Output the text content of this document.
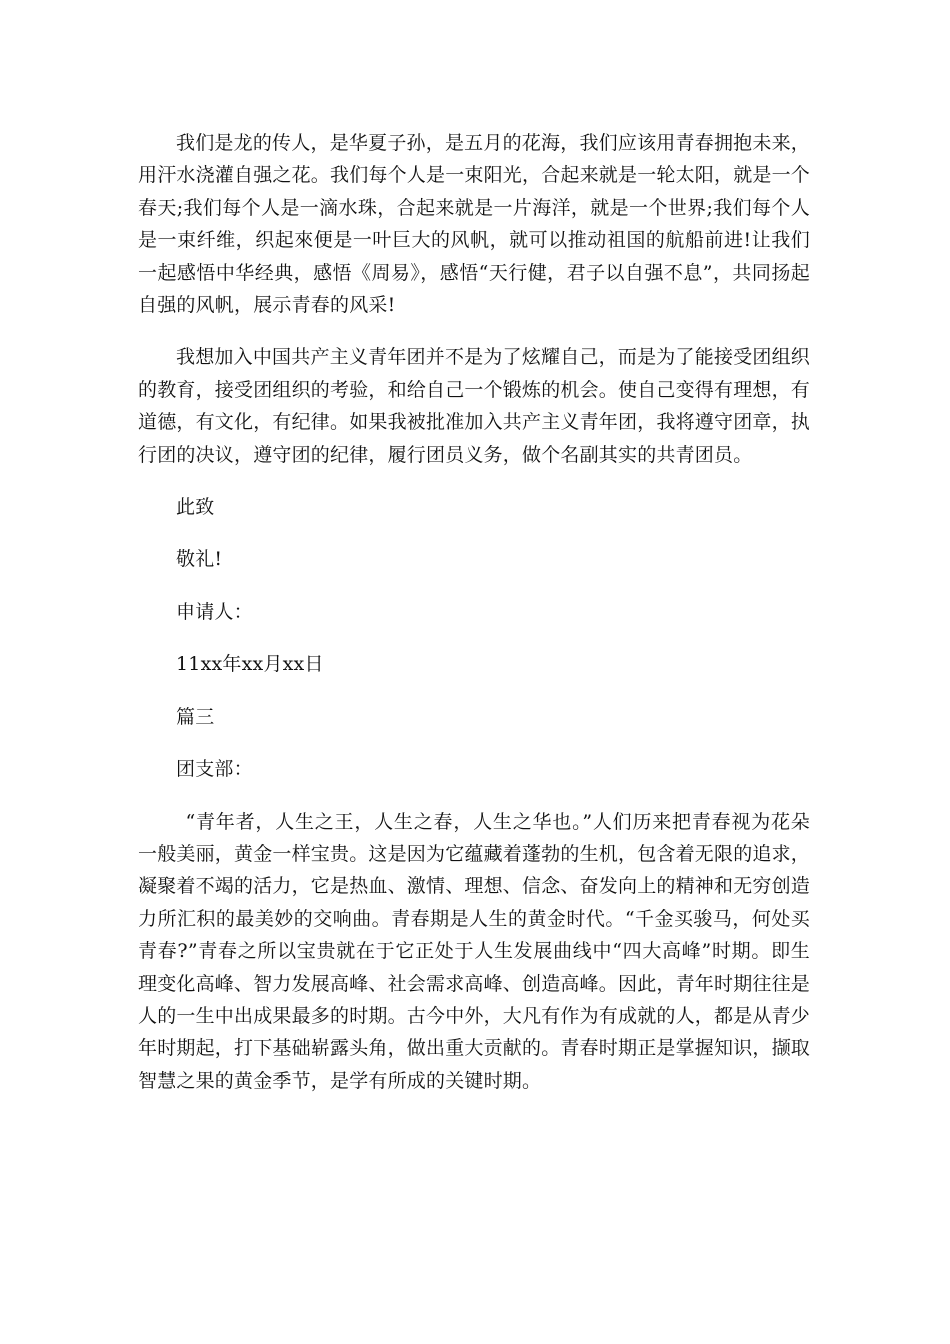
我们是龙的传人，是华夏子孙，是五月的花海，我们应该用青春拥抱未来，用汗水浇灌自强之花。我们每个人是一束阳光，合起来就是一轮太阳，就是一个春天;我们每个人是一滴水珠，合起来就是一片海洋，就是一个世界;我们每个人是一束纤维，织起來便是一叶巨大的风帆，就可以推动祖国的航船前进!让我们一起感悟中华经典，感悟《周易》，感悟“天行健，君子以自强不息”，共同扬起自强的风帆，展示青春的风采!

我想加入中国共产主义青年团并不是为了炫耀自己，而是为了能接受团组织的教育，接受团组织的考验，和给自己一个锻炼的机会。使自己变得有理想，有道德，有文化，有纪律。如果我被批准加入共产主义青年团，我将遵守团章，执行团的决议，遵守团的纪律，履行团员义务，做个名副其实的共青团员。

此致

敬礼!

申请人：

11xx年xx月xx日

篇三

团支部：

“青年者，人生之王，人生之春，人生之华也。”人们历来把青春视为花朵一般美丽，黄金一样宝贵。这是因为它蕴藏着蓬勃的生机，包含着无限的追求，凝聚着不竭的活力，它是热血、激情、理想、信念、奋发向上的精神和无穷创造力所汇积的最美妙的交响曲。青春期是人生的黄金时代。“千金买骏马，何处买青春?”青春之所以宝贵就在于它正处于人生发展曲线中“四大高峰”时期。即生理变化高峰、智力发展高峰、社会需求高峰、创造高峰。因此，青年时期往往是人的一生中出成果最多的时期。古今中外，大凡有作为有成就的人，都是从青少年时期起，打下基础崭露头角，做出重大贡献的。青春时期正是掌握知识，撷取智慧之果的黄金季节，是学有所成的关键时期。
